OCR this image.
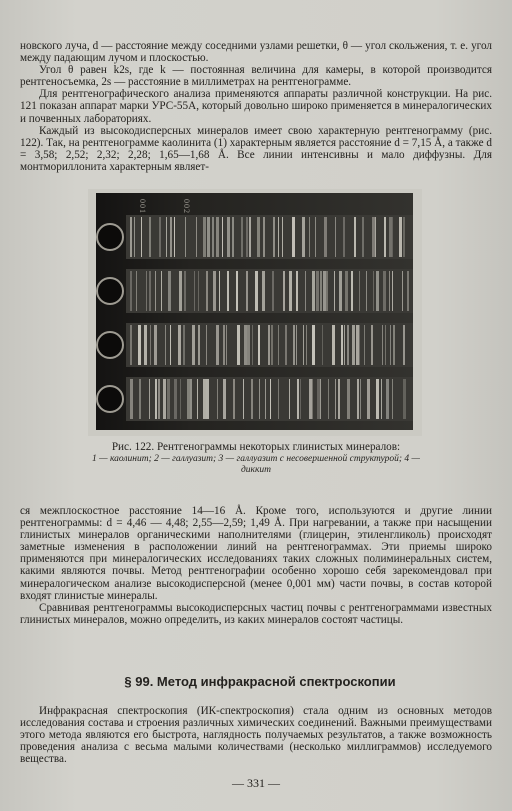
новского луча, d — расстояние между соседними узлами решетки, θ — угол скольжения, т. е. угол между падающим лучом и плоскостью.

Угол θ равен k2s, где k — постоянная величина для камеры, в которой производится рентгеносъемка, 2s — расстояние в миллиметрах на рентгенограмме.

Для рентгенографического анализа применяются аппараты различной конструкции. На рис. 121 показан аппарат марки УРС-55А, который довольно широко применяется в минералогических и почвенных лабораториях.

Каждый из высокодисперсных минералов имеет свою характерную рентгенограмму (рис. 122). Так, на рентгенограмме каолинита (1) характерным является расстояние d = 7,15 Å, а также d = 3,58; 2,52; 2,32; 2,28; 1,65—1,68 Å. Все линии интенсивны и мало диффузны. Для монтмориллонита характерным являет-

001	002
Рис. 122. Рентгенограммы некоторых глинистых минералов:
1 — каолинит; 2 — галлуазит; 3 — галлуазит с несовершенной структурой; 4 — диккит

ся межплоскостное расстояние 14—16 Å. Кроме того, используются и другие линии рентгенограммы: d = 4,46 — 4,48; 2,55—2,59; 1,49 Å. При нагревании, а также при насыщении глинистых минералов органическими наполнителями (глицерин, этиленгликоль) происходят заметные изменения в расположении линий на рентгенограммах. Эти приемы широко применяются при минералогических исследованиях таких сложных полиминеральных систем, какими являются почвы. Метод рентгенографии особенно хорошо себя зарекомендовал при минералогическом анализе высокодисперсной (менее 0,001 мм) части почвы, в состав которой входят глинистые минералы.

Сравнивая рентгенограммы высокодисперсных частиц почвы с рентгенограммами известных глинистых минералов, можно определить, из каких минералов состоят частицы.

§ 99. Метод инфракрасной спектроскопии

Инфракрасная спектроскопия (ИК-спектроскопия) стала одним из основных методов исследования состава и строения различных химических соединений. Важными преимуществами этого метода являются его быстрота, наглядность получаемых результатов, а также возможность проведения анализа с весьма малыми количествами (несколько миллиграммов) исследуемого вещества.

— 331 —
